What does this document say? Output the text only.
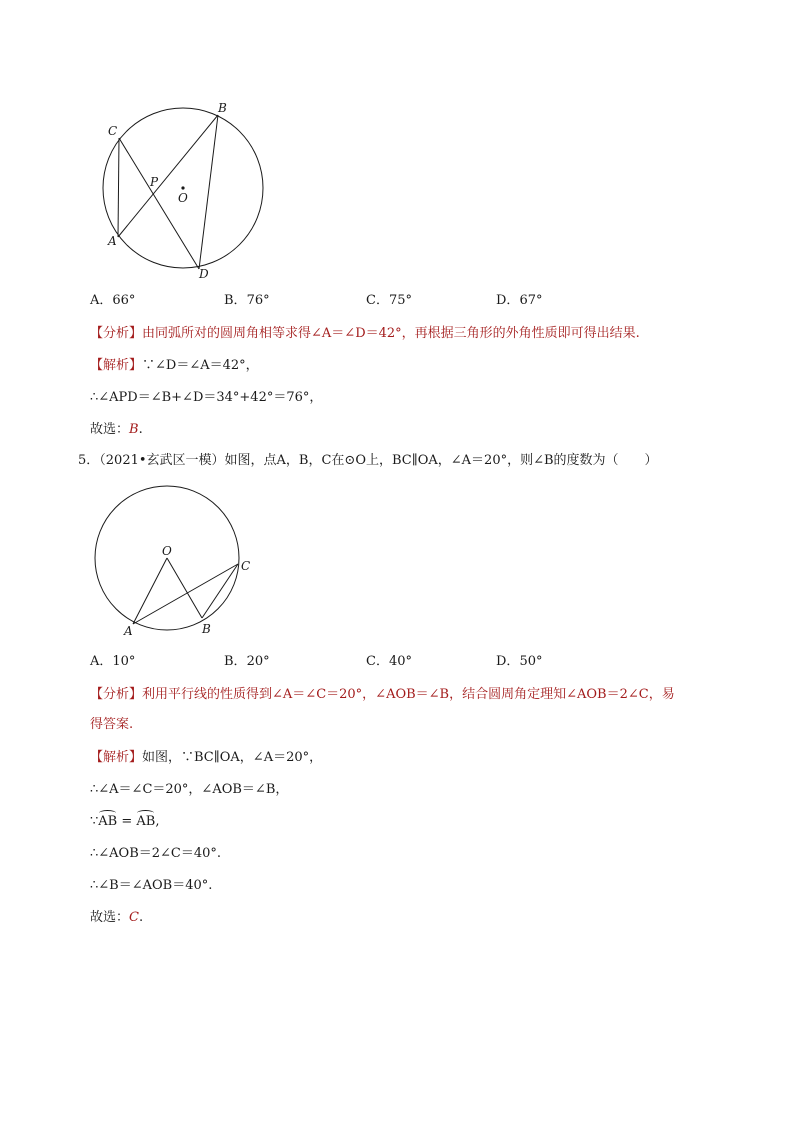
B
C
P
O
A
D
A．66°	B．76°	C．75°	D．67°
【分析】由同弧所对的圆周角相等求得∠A＝∠D＝42°，再根据三角形的外角性质即可得出结果.
【解析】∵∠D＝∠A＝42°，
∴∠APD＝∠B+∠D＝34°+42°＝76°，
故选：B.
5．（2021•玄武区一模）如图，点A，B，C在⊙O上，BC∥OA，∠A＝20°，则∠B的度数为（　　）
O
C
A	B
A．10°	B．20°	C．40°	D．50°
【分析】利用平行线的性质得到∠A＝∠C＝20°，∠AOB＝∠B，结合圆周角定理知∠AOB＝2∠C，易
得答案.
【解析】如图，∵BC∥OA，∠A＝20°，
∴∠A＝∠C＝20°，∠AOB＝∠B，
∵AB = AB,
∴∠AOB＝2∠C＝40°.
∴∠B＝∠AOB＝40°.
故选：C.
